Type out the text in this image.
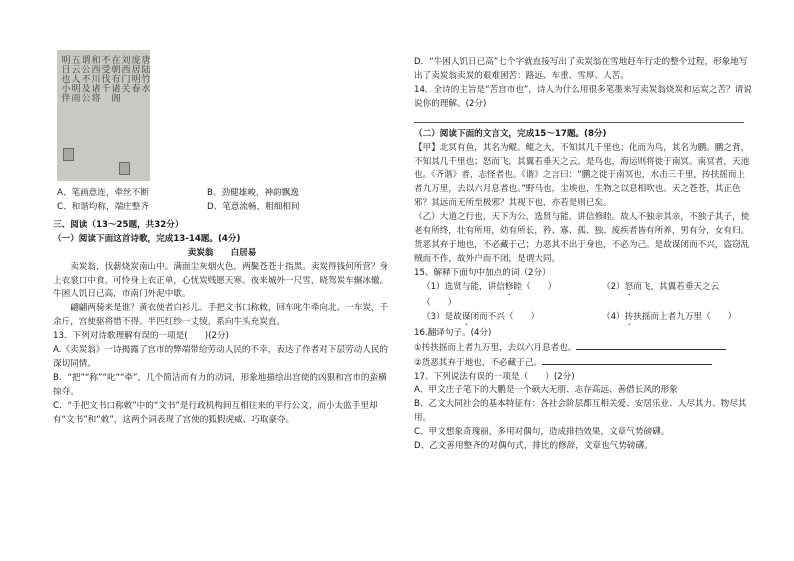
明日也小伴 五云人明雨 谓公不及公 和西川诸将 不受伐千 在朝有诸阁 刘西门关 庞居明春 唐陆竹水
A、笔画意连，牵丝不断	B、劲健雄峻，神韵飘逸
C、和谐均称，端庄整齐	D、笔意流畅，粗细相间

三、阅读（13～25题，共32分）

（一）阅读下面这首诗歌，完成13-14题。(4分)

卖炭翁　　白居易

卖炭翁，伐薪烧炭南山中。满面尘灰烟火色，两鬓苍苍十指黑。卖炭得钱何所营？身上衣裳口中食。可怜身上衣正单，心忧炭贱愿天寒。夜来城外一尺雪，晓驾炭车辗冰辙。牛困人饥日已高，市南门外泥中歇。

翩翩两骑来是谁？黄衣使者白衫儿。手把文书口称敕，回车叱牛牵向北。一车炭，千余斤，宫使驱将惜不得。半匹红纱一丈绫，系向牛头充炭直。

13．下列对诗歌理解有误的一项是(　　)(2分)

A.《卖炭翁》一诗揭露了宫市的弊端带给劳动人民的不幸，表达了作者对下层劳动人民的深切同情。

B．“把”“称”“叱”“牵”，几个简洁而有力的动词，形象地描绘出宫使的凶狠和宫市的蛮横掠夺。

C．“手把文书口称敕”中的“文书”是行政机构间互相往来的平行公文，而小太监手里却有“文书”和“敕”，这两个词表现了宫使的狐假虎威、巧取豪夺。

D．“牛困人饥日已高”七个字就直接写出了卖炭翁在雪地赶车行走的整个过程，形象地写出了卖炭翁卖炭的艰难困苦：路远、车重、雪厚、人苦。

14．全诗的主旨是“苦宫市也”，诗人为什么用很多笔墨来写卖炭翁烧炭和运炭之苦？请说说你的理解。(2分)

（二）阅读下面的文言文，完成15～17题。(8分)

【甲】北冥有鱼，其名为鲲。鲲之大，不知其几千里也；化而为鸟，其名为鹏。鹏之背，不知其几千里也；怒而飞，其翼若垂天之云。是鸟也，海运则将徙于南冥。南冥者，天池也。《齐谐》者，志怪者也。《谐》之言曰：“鹏之徙于南冥也，水击三千里，抟扶摇而上者九万里，去以六月息者也。”野马也，尘埃也，生物之以息相吹也。天之苍苍，其正色邪？其远而无所至极邪？其视下也，亦若是则已矣。

（乙）大道之行也，天下为公，选贤与能，讲信修睦。故人不独亲其亲，不独子其子，使老有所终，壮有所用，幼有所长，矜、寡、孤、独、废疾者皆有所养，男有分，女有归。货恶其弃于地也，不必藏于己；力恶其不出于身也，不必为己。是故谋闭而不兴，盗窃乱贼而不作，故外户而不闭，是谓大同。

15、解释下面句中加点的词（2分）

（1）选贤与能，讲信修睦（　　）	（2）怒而飞，其翼若垂天之云

（　　）

（3）是故谋闭而不兴（　　）	（4）抟扶摇而上者九万里（　　）

16.翻译句子。(4分)

①抟扶摇而上者九万里，去以六月息者也。

②货恶其弃于地也，不必藏于己。

17、下列说法有误的一项是（　　）(2分)

A、甲文庄子笔下的大鹏是一个硕大无朋、志存高远、善借长风的形象

B、乙文大同社会的基本特征有：各社会阶层都互相关爱、安居乐业、人尽其力、物尽其用。

C、甲文想象奇瑰丽，多用对偶句，造成排挡效果，文章气势磅礴。

D、乙文善用整齐的对偶句式，排比的修辞，文章也气势磅礴。
